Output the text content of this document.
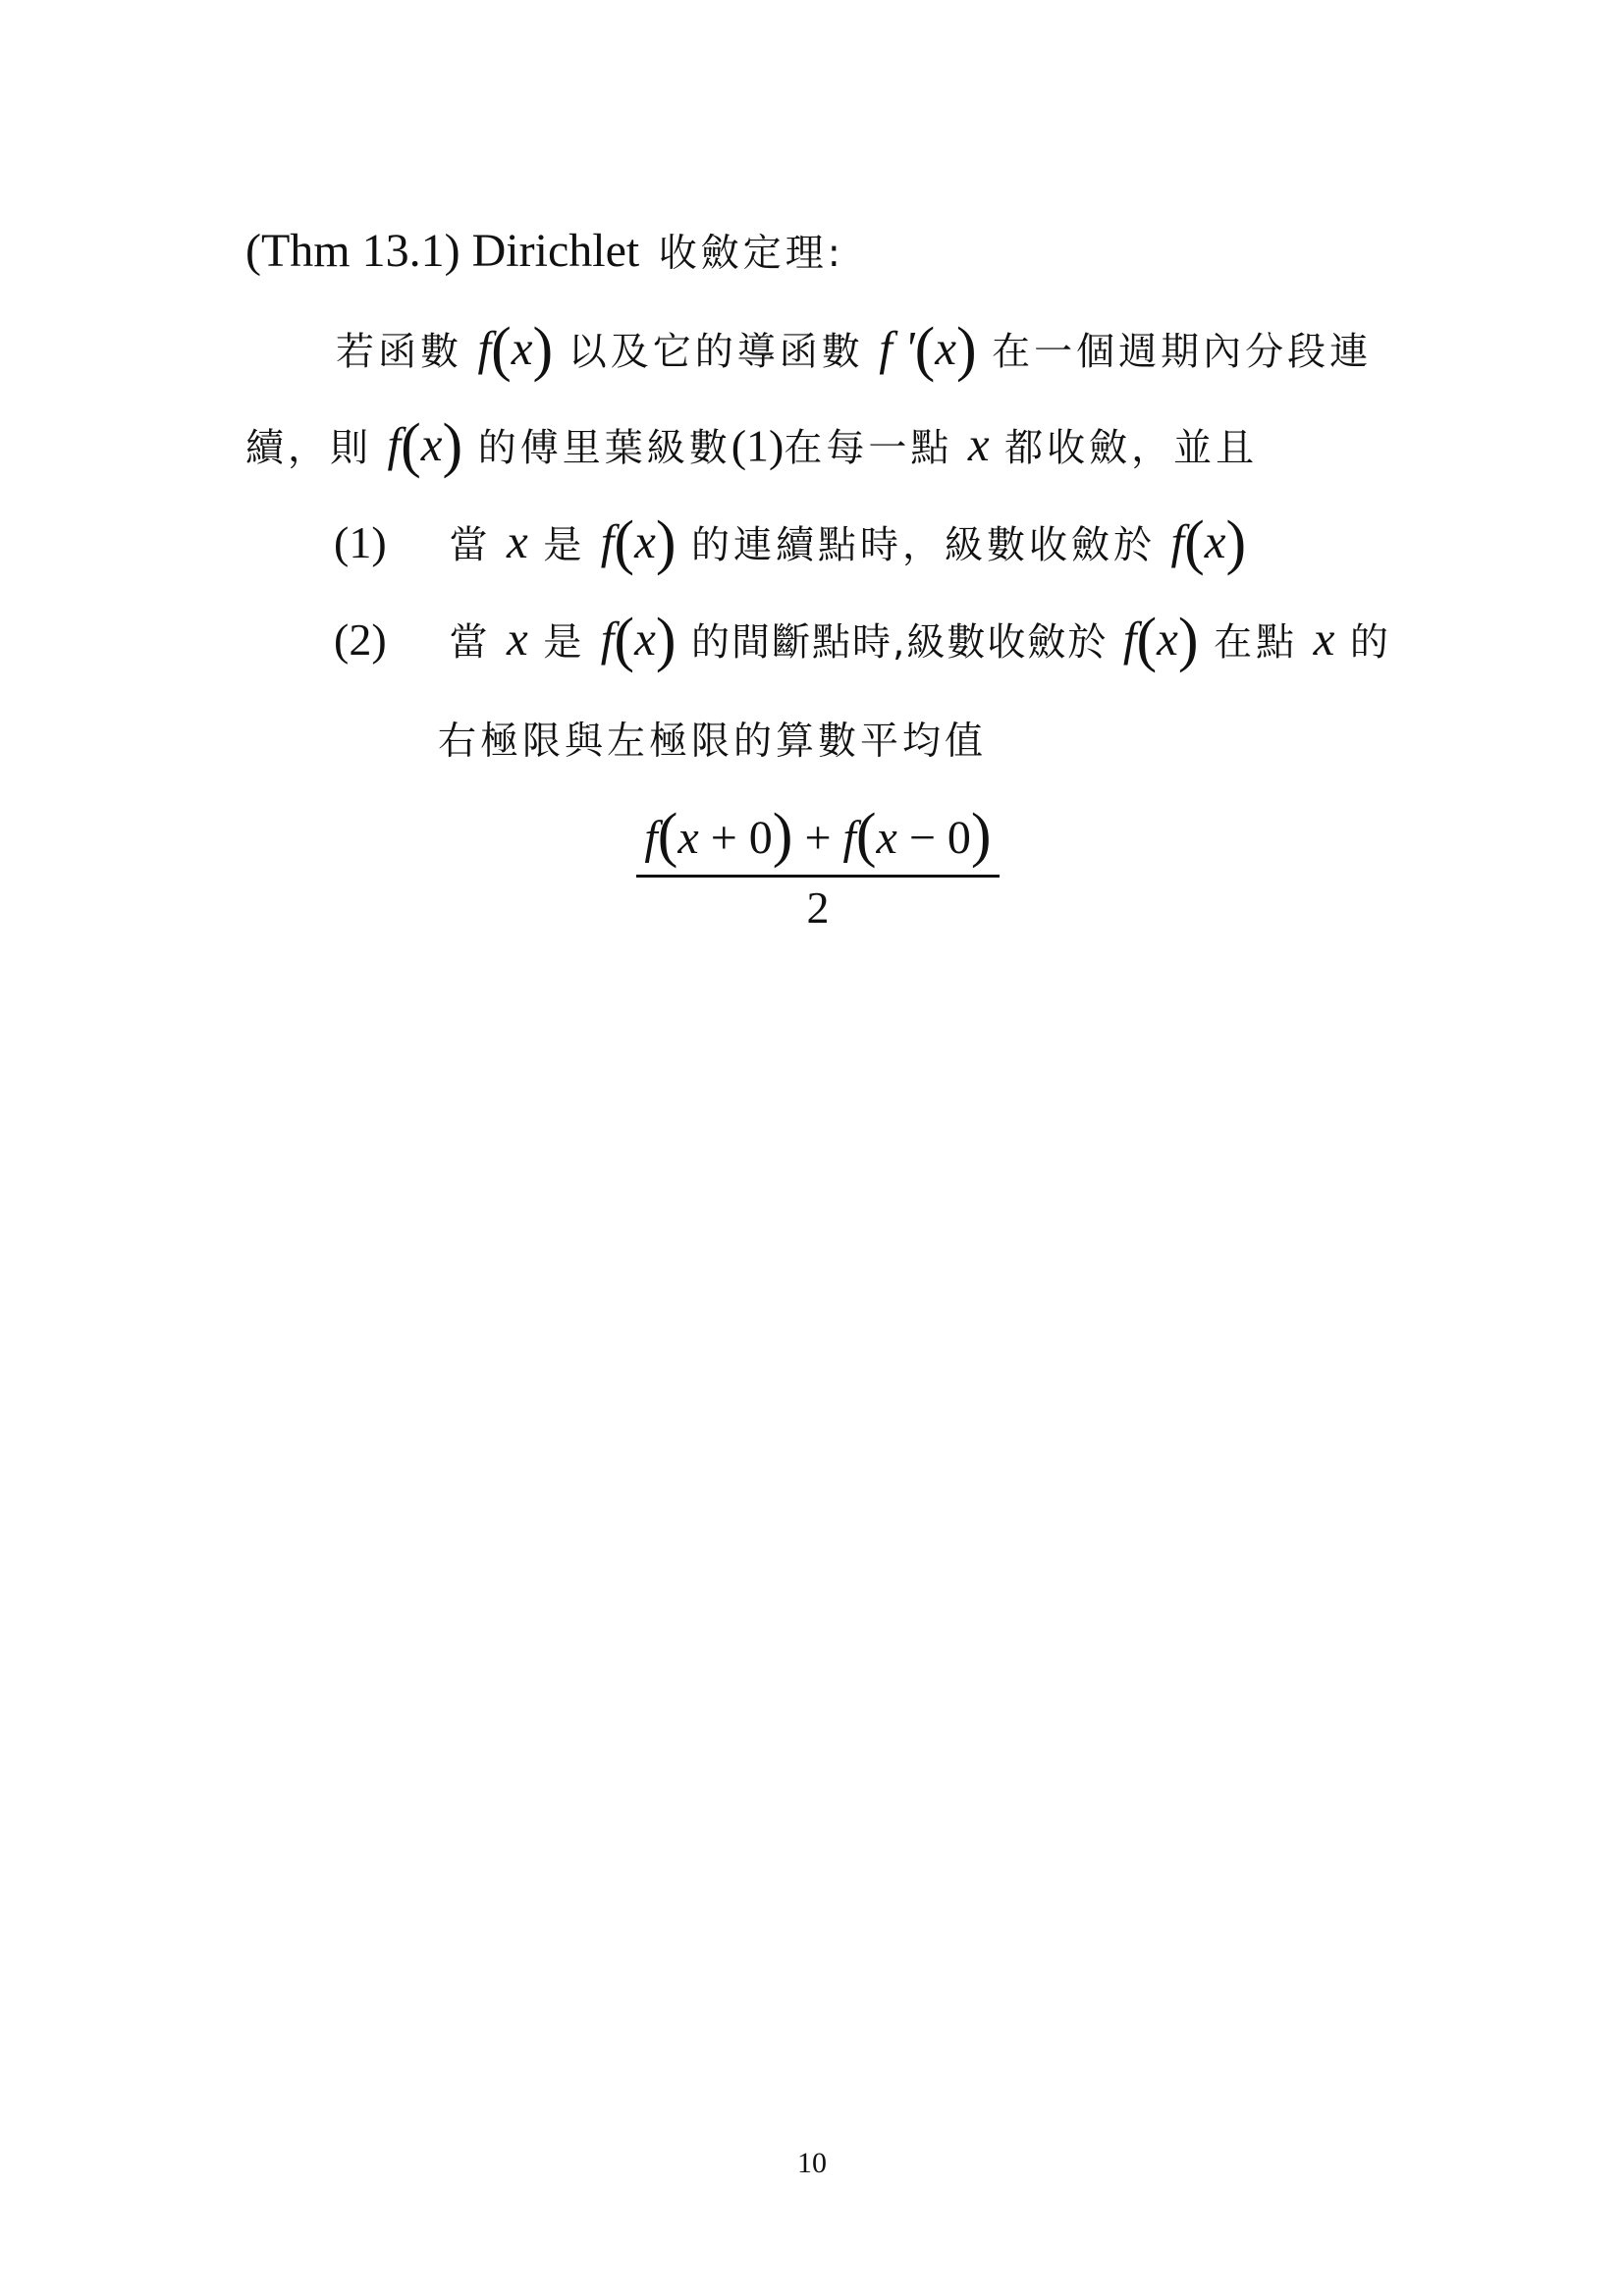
(Thm 13.1) Dirichlet 收斂定理:
若函數 f ( x ) 以及它的導函數 f ' ( x ) 在一個週期內分段連
續，則 f ( x ) 的傅里葉級數(1)在每一點 x 都收斂，並且
(1) 當 x 是 f ( x ) 的連續點時，級數收斂於 f ( x )
(2) 當 x 是 f ( x ) 的間斷點時,級數收斂於 f ( x ) 在點 x 的
右極限與左極限的算數平均值
f(x + 0) + f(x − 0)
2
10
